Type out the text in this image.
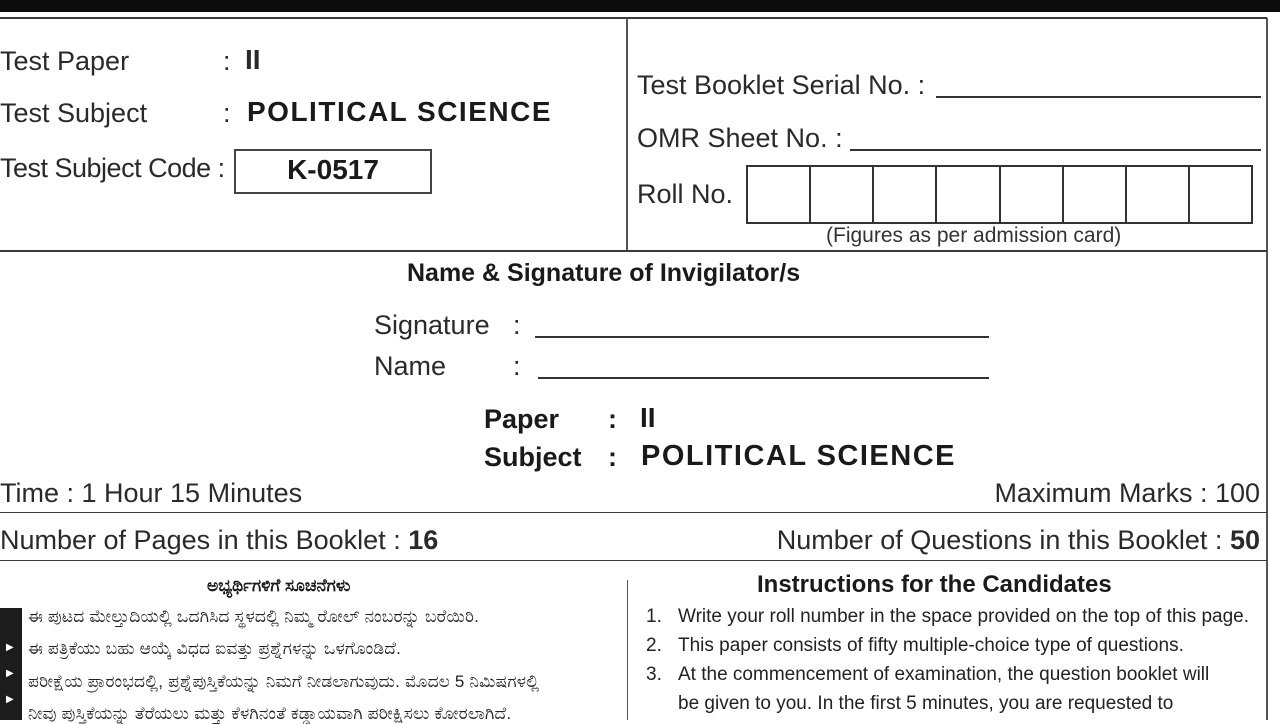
Test Paper	: II
Test Subject	: POLITICAL SCIENCE
Test Subject Code :	K-0517
Test Booklet Serial No. :
OMR Sheet No. :
Roll No.
(Figures as per admission card)
Name & Signature of Invigilator/s
Signature :
Name :
Paper : II
Subject : POLITICAL SCIENCE
Time : 1 Hour 15 Minutes	Maximum Marks : 100
Number of Pages in this Booklet : 16	Number of Questions in this Booklet : 50
ಅಭ್ಯರ್ಥಿಗಳಿಗೆ ಸೂಚನೆಗಳು
ಈ ಪುಟದ ಮೇಲ್ತುದಿಯಲ್ಲಿ ಒದಗಿಸಿದ ಸ್ಥಳದಲ್ಲಿ ನಿಮ್ಮ ರೋಲ್ ನಂಬರನ್ನು ಬರೆಯಿರಿ.
ಈ ಪತ್ರಿಕೆಯು ಬಹು ಆಯ್ಕೆ ವಿಧದ ಐವತ್ತು ಪ್ರಶ್ನೆಗಳನ್ನು ಒಳಗೊಂಡಿದೆ.
ಪರೀಕ್ಷೆಯ ಪ್ರಾರಂಭದಲ್ಲಿ, ಪ್ರಶ್ನೆಪುಸ್ತಿಕೆಯನ್ನು ನಿಮಗೆ ನೀಡಲಾಗುವುದು. ಮೊದಲ 5 ನಿಮಿಷಗಳಲ್ಲಿ
ನೀವು ಪುಸ್ತಿಕೆಯನ್ನು ತೆರೆಯಲು ಮತ್ತು ಕೆಳಗಿನಂತೆ ಕಡ್ಡಾಯವಾಗಿ ಪರೀಕ್ಷಿಸಲು ಕೋರಲಾಗಿದೆ.
Instructions for the Candidates
1. Write your roll number in the space provided on the top of this page.
2. This paper consists of fifty multiple-choice type of questions.
3. At the commencement of examination, the question booklet will
be given to you. In the first 5 minutes, you are requested to
▶
▶
▶
